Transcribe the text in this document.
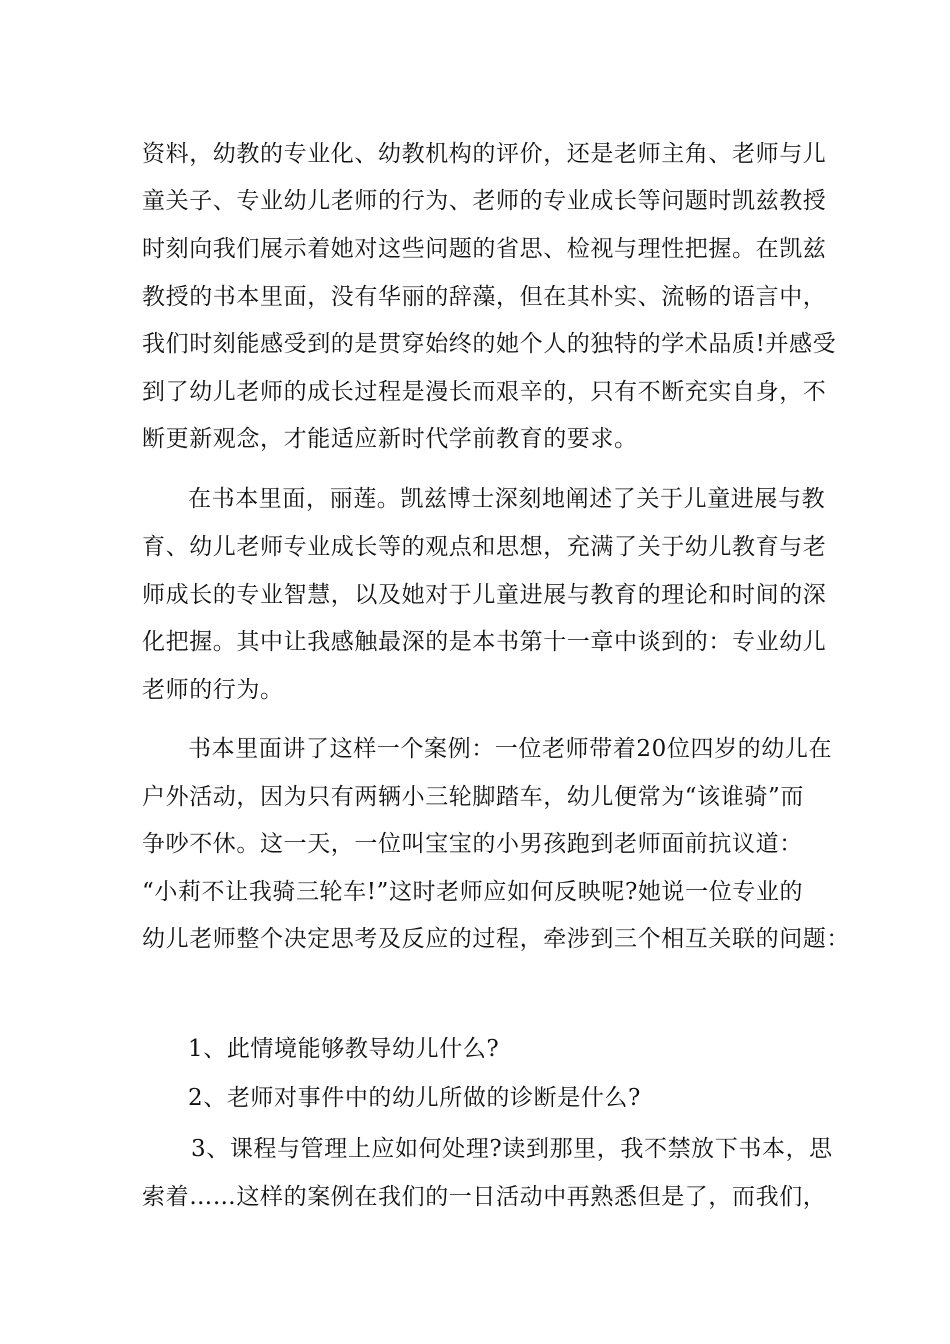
资料，幼教的专业化、幼教机构的评价，还是老师主角、老师与儿
童关子、专业幼儿老师的行为、老师的专业成长等问题时凯兹教授
时刻向我们展示着她对这些问题的省思、检视与理性把握。在凯兹
教授的书本里面，没有华丽的辞藻，但在其朴实、流畅的语言中，
我们时刻能感受到的是贯穿始终的她个人的独特的学术品质!并感受
到了幼儿老师的成长过程是漫长而艰辛的，只有不断充实自身，不
断更新观念，才能适应新时代学前教育的要求。
在书本里面，丽莲。凯兹博士深刻地阐述了关于儿童进展与教
育、幼儿老师专业成长等的观点和思想，充满了关于幼儿教育与老
师成长的专业智慧，以及她对于儿童进展与教育的理论和时间的深
化把握。其中让我感触最深的是本书第十一章中谈到的：专业幼儿
老师的行为。
书本里面讲了这样一个案例：一位老师带着20位四岁的幼儿在
户外活动，因为只有两辆小三轮脚踏车，幼儿便常为“该谁骑”而
争吵不休。这一天，一位叫宝宝的小男孩跑到老师面前抗议道：
“小莉不让我骑三轮车!”这时老师应如何反映呢?她说一位专业的
幼儿老师整个决定思考及反应的过程，牵涉到三个相互关联的问题：
1、此情境能够教导幼儿什么?
2、老师对事件中的幼儿所做的诊断是什么?
3、课程与管理上应如何处理?读到那里，我不禁放下书本，思
索着……这样的案例在我们的一日活动中再熟悉但是了，而我们，
